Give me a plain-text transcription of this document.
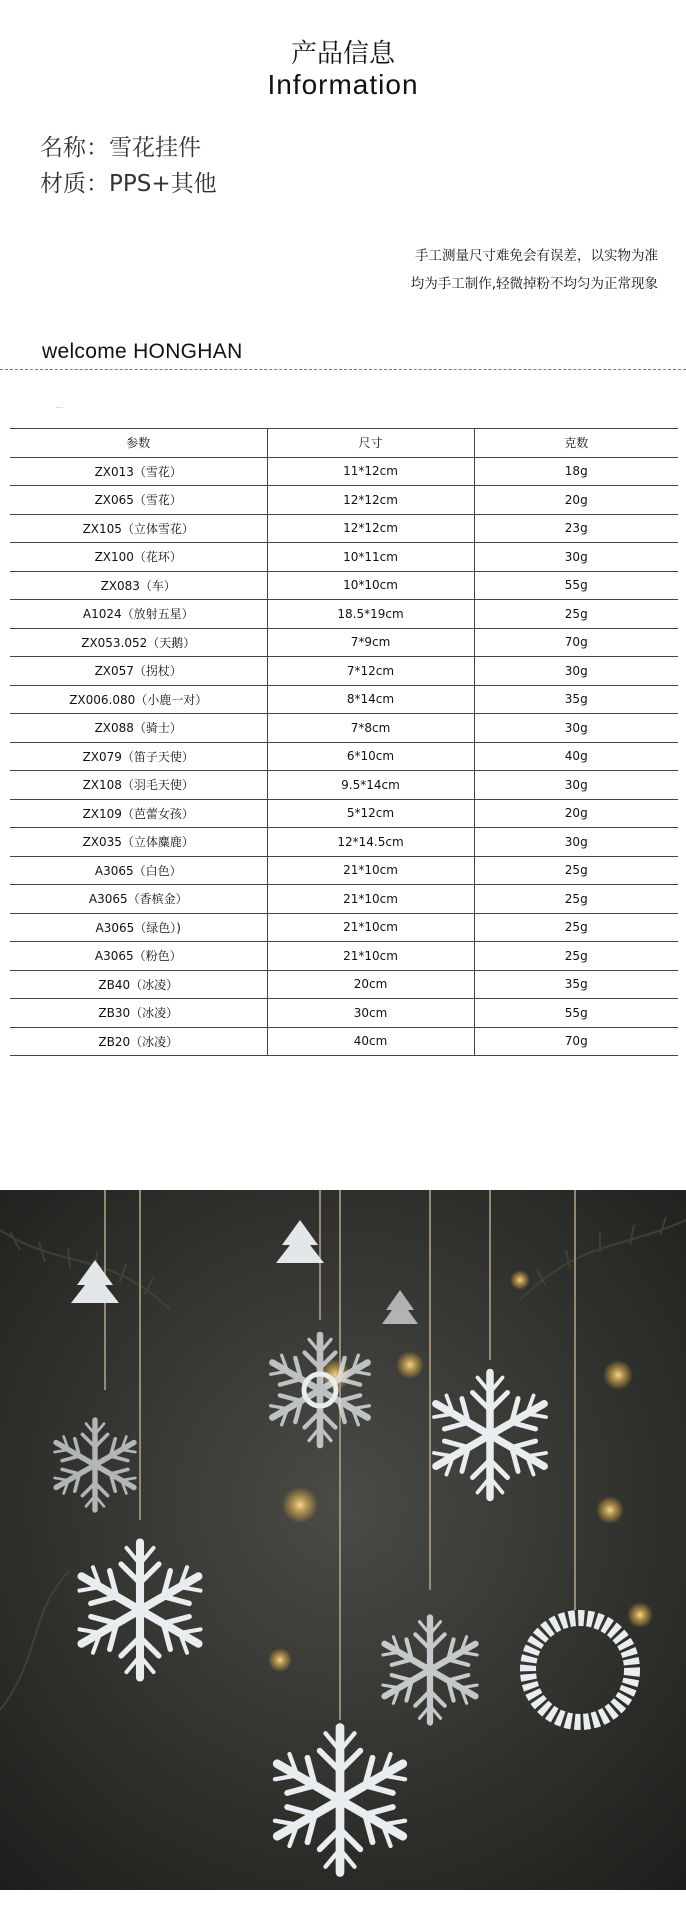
产品信息
Information
名称：雪花挂件
材质：PPS+其他
手工测量尺寸难免会有误差，以实物为准
均为手工制作,轻微掉粉不均匀为正常现象
welcome HONGHAN
—
参数	尺寸	克数
ZX013（雪花）	11*12cm	18g
ZX065（雪花）	12*12cm	20g
ZX105（立体雪花）	12*12cm	23g
ZX100（花环）	10*11cm	30g
ZX083（车）	10*10cm	55g
A1024（放射五星）	18.5*19cm	25g
ZX053.052（天鹅）	7*9cm	70g
ZX057（拐杖）	7*12cm	30g
ZX006.080（小鹿一对）	8*14cm	35g
ZX088（骑士）	7*8cm	30g
ZX079（笛子天使）	6*10cm	40g
ZX108（羽毛天使）	9.5*14cm	30g
ZX109（芭蕾女孩）	5*12cm	20g
ZX035（立体麋鹿）	12*14.5cm	30g
A3065（白色）	21*10cm	25g
A3065（香槟金）	21*10cm	25g
A3065（绿色）)	21*10cm	25g
A3065（粉色）	21*10cm	25g
ZB40（冰凌）	20cm	35g
ZB30（冰凌）	30cm	55g
ZB20（冰凌）	40cm	70g
